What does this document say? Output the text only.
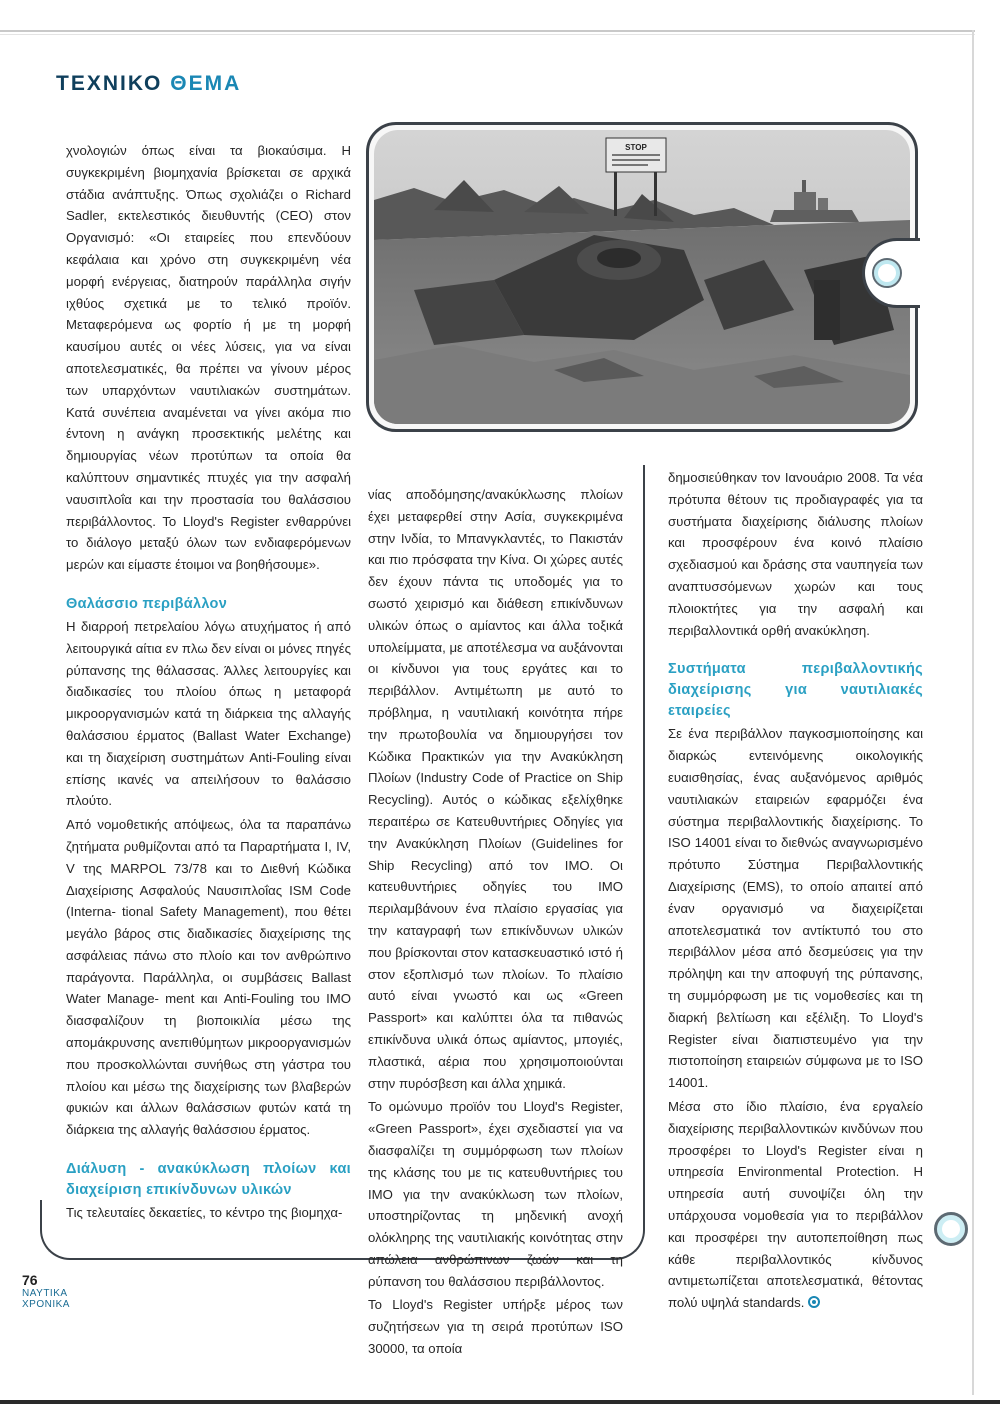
ΤΕΧΝΙΚΟ ΘΕΜΑ
STOP

χνολογιών όπως είναι τα βιοκαύσιμα. Η συγκεκριμένη βιομηχανία βρίσκεται σε αρχικά στάδια ανάπτυξης. Όπως σχολιάζει ο Richard Sadler, εκτελεστικός διευθυντής (CEO) στον Οργανισμό: «Οι εταιρείες που επενδύουν κεφάλαια και χρόνο στη συγκεκριμένη νέα μορφή ενέργειας, διατηρούν παράλληλα σιγήν ιχθύος σχετικά με το τελικό προϊόν. Μεταφερόμενα ως φορτίο ή με τη μορφή καυσίμου αυτές οι νέες λύσεις, για να είναι αποτελεσματικές, θα πρέπει να γίνουν μέρος των υπαρχόντων ναυτιλιακών συστημάτων. Κατά συνέπεια αναμένεται να γίνει ακόμα πιο έντονη η ανάγκη προσεκτικής μελέτης και δημιουργίας νέων προτύπων τα οποία θα καλύπτουν σημαντικές πτυχές για την ασφαλή ναυσιπλοΐα και την προστασία του θαλάσσιου περιβάλλοντος. Το Lloyd's Register ενθαρρύνει το διάλογο μεταξύ όλων των ενδιαφερόμενων μερών και είμαστε έτοιμοι να βοηθήσουμε».

Θαλάσσιο περιβάλλον

Η διαρροή πετρελαίου λόγω ατυχήματος ή από λειτουργικά αίτια εν πλω δεν είναι οι μόνες πηγές ρύπανσης της θάλασσας. Άλλες λειτουργίες και διαδικασίες του πλοίου όπως η μεταφορά μικροοργανισμών κατά τη διάρκεια της αλλαγής θαλάσσιου έρματος (Ballast Water Exchange) και τη διαχείριση συστημάτων Anti-Fouling είναι επίσης ικανές να απειλήσουν το θαλάσσιο πλούτο.

Από νομοθετικής απόψεως, όλα τα παραπάνω ζητήματα ρυθμίζονται από τα Παραρτήματα I, IV, V της MARPOL 73/78 και το Διεθνή Κώδικα Διαχείρισης Ασφαλούς Ναυσιπλοΐας ISM Code (Interna- tional Safety Management), που θέτει μεγάλο βάρος στις διαδικασίες διαχείρισης της ασφάλειας πάνω στο πλοίο και τον ανθρώπινο παράγοντα. Παράλληλα, οι συμβάσεις Ballast Water Manage- ment και Anti-Fouling του IMO διασφαλίζουν τη βιοποικιλία μέσω της απομάκρυνσης ανεπιθύμητων μικροοργανισμών που προσκολλώνται συνήθως στη γάστρα του πλοίου και μέσω της διαχείρισης των βλαβερών φυκιών και άλλων θαλάσσιων φυτών κατά τη διάρκεια της αλλαγής θαλάσσιου έρματος.

Διάλυση - ανακύκλωση πλοίων και διαχείριση επικίνδυνων υλικών

Τις τελευταίες δεκαετίες, το κέντρο της βιομηχα-

νίας αποδόμησης/ανακύκλωσης πλοίων έχει μεταφερθεί στην Ασία, συγκεκριμένα στην Ινδία, το Μπανγκλαντές, το Πακιστάν και πιο πρόσφατα την Κίνα. Οι χώρες αυτές δεν έχουν πάντα τις υποδομές για το σωστό χειρισμό και διάθεση επικίνδυνων υλικών όπως ο αμίαντος και άλλα τοξικά υπολείμματα, με αποτέλεσμα να αυξάνονται οι κίνδυνοι για τους εργάτες και το περιβάλλον. Αντιμέτωπη με αυτό το πρόβλημα, η ναυτιλιακή κοινότητα πήρε την πρωτοβουλία να δημιουργήσει τον Κώδικα Πρακτικών για την Ανακύκληση Πλοίων (Industry Code of Practice on Ship Recycling). Αυτός ο κώδικας εξελίχθηκε περαιτέρω σε Κατευθυντήριες Οδηγίες για την Ανακύκληση Πλοίων (Guidelines for Ship Recycling) από τον IMO. Οι κατευθυντήριες οδηγίες του IMO περιλαμβάνουν ένα πλαίσιο εργασίας για την καταγραφή των επικίνδυνων υλικών που βρίσκονται στον κατασκευαστικό ιστό ή στον εξοπλισμό των πλοίων. Το πλαίσιο αυτό είναι γνωστό και ως «Green Passport» και καλύπτει όλα τα πιθανώς επικίνδυνα υλικά όπως αμίαντος, μπογιές, πλαστικά, αέρια που χρησιμοποιούνται στην πυρόσβεση και άλλα χημικά.

Το ομώνυμο προϊόν του Lloyd's Register, «Green Passport», έχει σχεδιαστεί για να διασφαλίζει τη συμμόρφωση των πλοίων της κλάσης του με τις κατευθυντήριες του IMO για την ανακύκλωση των πλοίων, υποστηρίζοντας τη μηδενική ανοχή ολόκληρης της ναυτιλιακής κοινότητας στην απώλεια ανθρώπινων ζωών και τη ρύπανση του θαλάσσιου περιβάλλοντος.

Το Lloyd's Register υπήρξε μέρος των συζητήσεων για τη σειρά προτύπων ISO 30000, τα οποία

δημοσιεύθηκαν τον Ιανουάριο 2008. Τα νέα πρότυπα θέτουν τις προδιαγραφές για τα συστήματα διαχείρισης διάλυσης πλοίων και προσφέρουν ένα κοινό πλαίσιο σχεδιασμού και δράσης στα ναυπηγεία των αναπτυσσόμενων χωρών και τους πλοιοκτήτες για την ασφαλή και περιβαλλοντικά ορθή ανακύκληση.

Συστήματα περιβαλλοντικής διαχείρισης για ναυτιλιακές εταιρείες

Σε ένα περιβάλλον παγκοσμιοποίησης και διαρκώς εντεινόμενης οικολογικής ευαισθησίας, ένας αυξανόμενος αριθμός ναυτιλιακών εταιρειών εφαρμόζει ένα σύστημα περιβαλλοντικής διαχείρισης. Το ISO 14001 είναι το διεθνώς αναγνωρισμένο πρότυπο Σύστημα Περιβαλλοντικής Διαχείρισης (EMS), το οποίο απαιτεί από έναν οργανισμό να διαχειρίζεται αποτελεσματικά τον αντίκτυπό του στο περιβάλλον μέσα από δεσμεύσεις για την πρόληψη και την αποφυγή της ρύπανσης, τη συμμόρφωση με τις νομοθεσίες και τη διαρκή βελτίωση και εξέλιξη. Το Lloyd's Register είναι διαπιστευμένο για την πιστοποίηση εταιρειών σύμφωνα με το ISO 14001.

Μέσα στο ίδιο πλαίσιο, ένα εργαλείο διαχείρισης περιβαλλοντικών κινδύνων που προσφέρει το Lloyd's Register είναι η υπηρεσία Environmental Protection. Η υπηρεσία αυτή συνοψίζει όλη την υπάρχουσα νομοθεσία για το περιβάλλον και προσφέρει την αυτοπεποίθηση πως κάθε περιβαλλοντικός κίνδυνος αντιμετωπίζεται αποτελεσματικά, θέτοντας πολύ υψηλά standards.

76
ΝΑΥΤΙΚΑ
ΧΡΟΝΙΚΑ
